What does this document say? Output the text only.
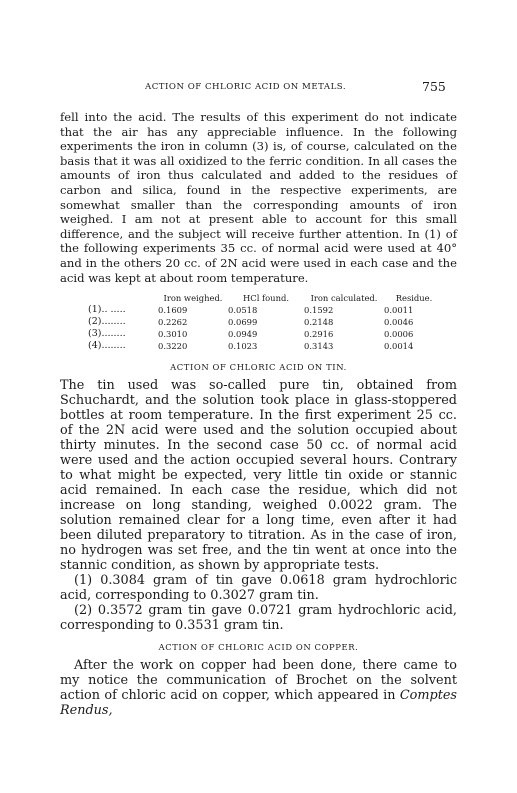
ACTION OF CHLORIC ACID ON METALS.	755

fell into the acid. The results of this experiment do not indicate that the air has any appreciable influence. In the following experiments the iron in column (3) is, of course, calculated on the basis that it was all oxidized to the ferric condition. In all cases the amounts of iron thus calculated and added to the residues of carbon and silica, found in the respective experiments, are somewhat smaller than the corresponding amounts of iron weighed. I am not at present able to account for this small difference, and the subject will receive further attention. In (1) of the following experiments 35 cc. of normal acid were used at 40° and in the others 20 cc. of 2N acid were used in each case and the acid was kept at about room temperature.

	Iron weighed.	HCl found.	Iron calculated.	Residue.
(1).. .....	0.1609	0.0518	0.1592	0.0011
(2)........	0.2262	0.0699	0.2148	0.0046
(3)........	0.3010	0.0949	0.2916	0.0006
(4)........	0.3220	0.1023	0.3143	0.0014
ACTION OF CHLORIC ACID ON TIN.

The tin used was so-called pure tin, obtained from Schuchardt, and the solution took place in glass-stoppered bottles at room temperature. In the first experiment 25 cc. of the 2N acid were used and the solution occupied about thirty minutes. In the second case 50 cc. of normal acid were used and the action occupied several hours. Contrary to what might be expected, very little tin oxide or stannic acid remained. In each case the residue, which did not increase on long standing, weighed 0.0022 gram. The solution remained clear for a long time, even after it had been diluted preparatory to titration. As in the case of iron, no hydrogen was set free, and the tin went at once into the stannic condition, as shown by appropriate tests.

(1) 0.3084 gram of tin gave 0.0618 gram hydrochloric acid, corresponding to 0.3027 gram tin.

(2) 0.3572 gram tin gave 0.0721 gram hydrochloric acid, corresponding to 0.3531 gram tin.

ACTION OF CHLORIC ACID ON COPPER.

After the work on copper had been done, there came to my notice the communication of Brochet on the solvent action of chloric acid on copper, which appeared in Comptes Rendus,
